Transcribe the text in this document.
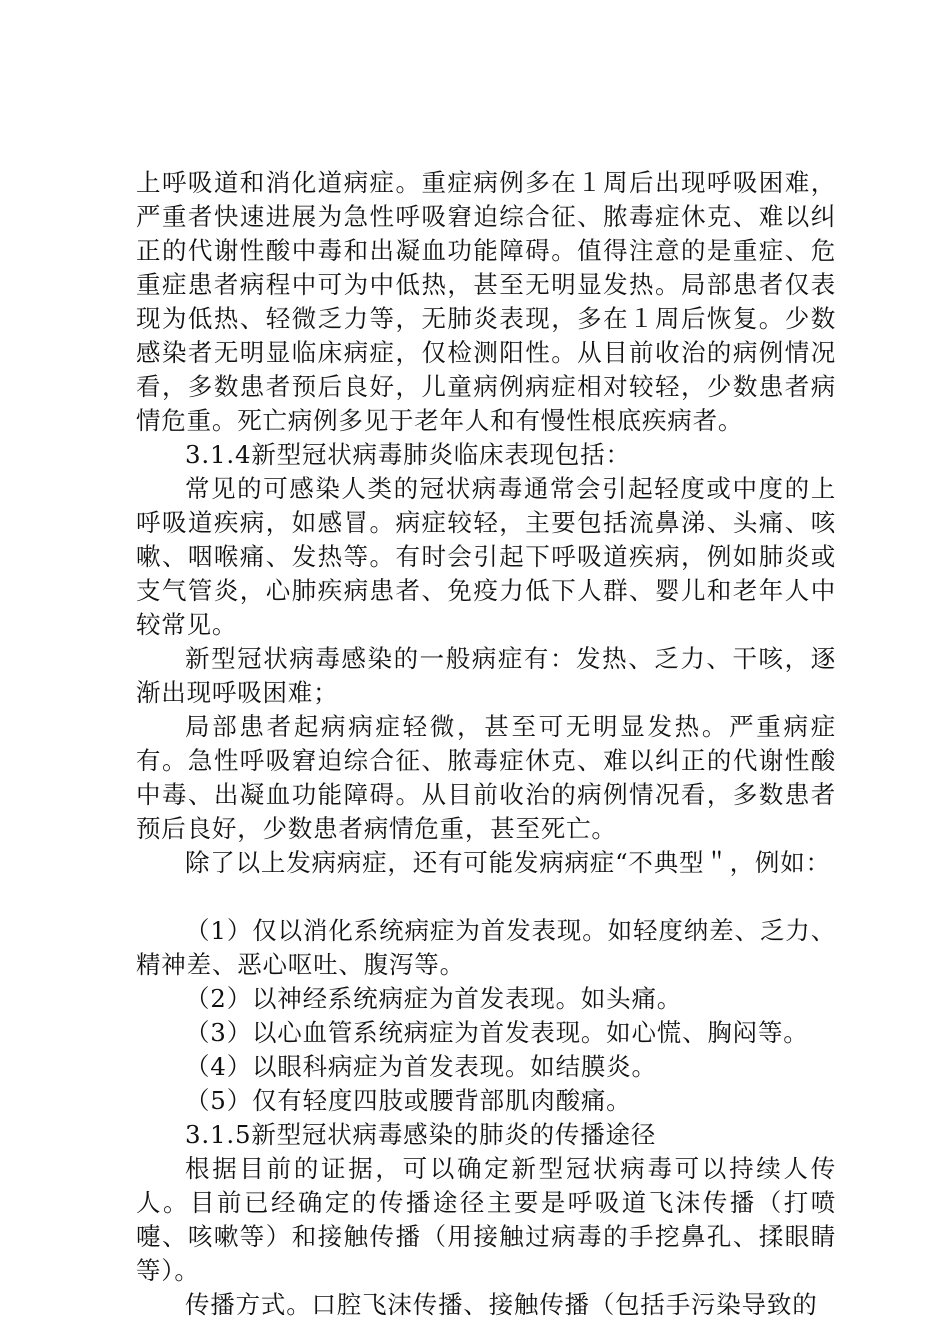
上呼吸道和消化道病症。重症病例多在１周后出现呼吸困难，严重者快速进展为急性呼吸窘迫综合征、脓毒症休克、难以纠正的代谢性酸中毒和出凝血功能障碍。值得注意的是重症、危重症患者病程中可为中低热，甚至无明显发热。局部患者仅表现为低热、轻微乏力等，无肺炎表现，多在１周后恢复。少数感染者无明显临床病症，仅检测阳性。从目前收治的病例情况看，多数患者预后良好，儿童病例病症相对较轻，少数患者病情危重。死亡病例多见于老年人和有慢性根底疾病者。

3.1.4新型冠状病毒肺炎临床表现包括：

常见的可感染人类的冠状病毒通常会引起轻度或中度的上呼吸道疾病，如感冒。病症较轻，主要包括流鼻涕、头痛、咳嗽、咽喉痛、发热等。有时会引起下呼吸道疾病，例如肺炎或支气管炎，心肺疾病患者、免疫力低下人群、婴儿和老年人中较常见。

新型冠状病毒感染的一般病症有：发热、乏力、干咳，逐渐出现呼吸困难；

局部患者起病病症轻微，甚至可无明显发热。严重病症有。急性呼吸窘迫综合征、脓毒症休克、难以纠正的代谢性酸中毒、出凝血功能障碍。从目前收治的病例情况看，多数患者预后良好，少数患者病情危重，甚至死亡。

除了以上发病病症，还有可能发病病症“不典型＂，例如：

（1）仅以消化系统病症为首发表现。如轻度纳差、乏力、精神差、恶心呕吐、腹泻等。

（2）以神经系统病症为首发表现。如头痛。

（3）以心血管系统病症为首发表现。如心慌、胸闷等。

（4）以眼科病症为首发表现。如结膜炎。

（5）仅有轻度四肢或腰背部肌肉酸痛。

3.1.5新型冠状病毒感染的肺炎的传播途径

根据目前的证据，可以确定新型冠状病毒可以持续人传人。目前已经确定的传播途径主要是呼吸道飞沫传播（打喷嚏、咳嗽等）和接触传播（用接触过病毒的手挖鼻孔、揉眼睛等）。

传播方式。口腔飞沫传播、接触传播（包括手污染导致的
